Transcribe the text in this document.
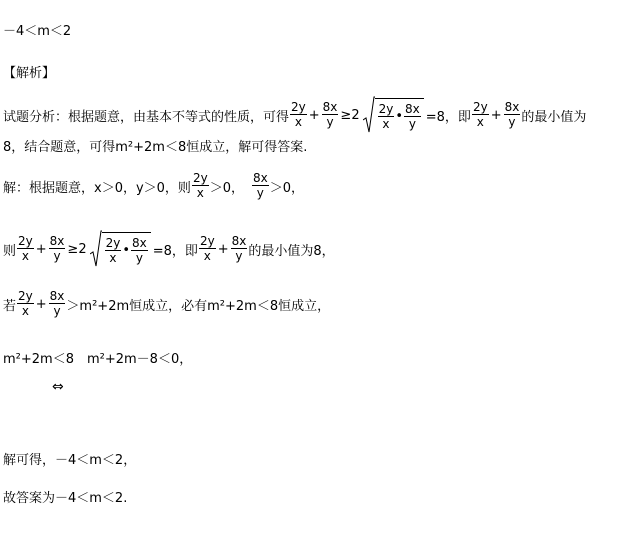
－4＜m＜2
【解析】
试题分析：根据题意，由基本不等式的性质，可得 $\frac{2y}{x} + \frac{8x}{y} \ge 2 \frac{2y}{x}$ • $\frac{8x}{y} =8$，即 $\frac{2y}{x} + \frac{8x}{y}$ 的最小值为
8，结合题意，可得m²+2m＜8恒成立，解可得答案.
解：根据题意，x＞0，y＞0，则 $\frac{2y}{x} >0$， $\frac{8x}{y} >0$，
则 $\frac{2y}{x} + \frac{8x}{y} \ge 2 \frac{2y}{x}$ • $\frac{8x}{y} =8$，即 $\frac{2y}{x} + \frac{8x}{y}$ 的最小值为8，
若 $\frac{2y}{x} + \frac{8x}{y} >m^2+2m$恒成立，必有m²+2m＜8恒成立，
m²+2m＜8　m²+2m－8＜0，
⇔
解可得，－4＜m＜2，
故答案为－4＜m＜2.
